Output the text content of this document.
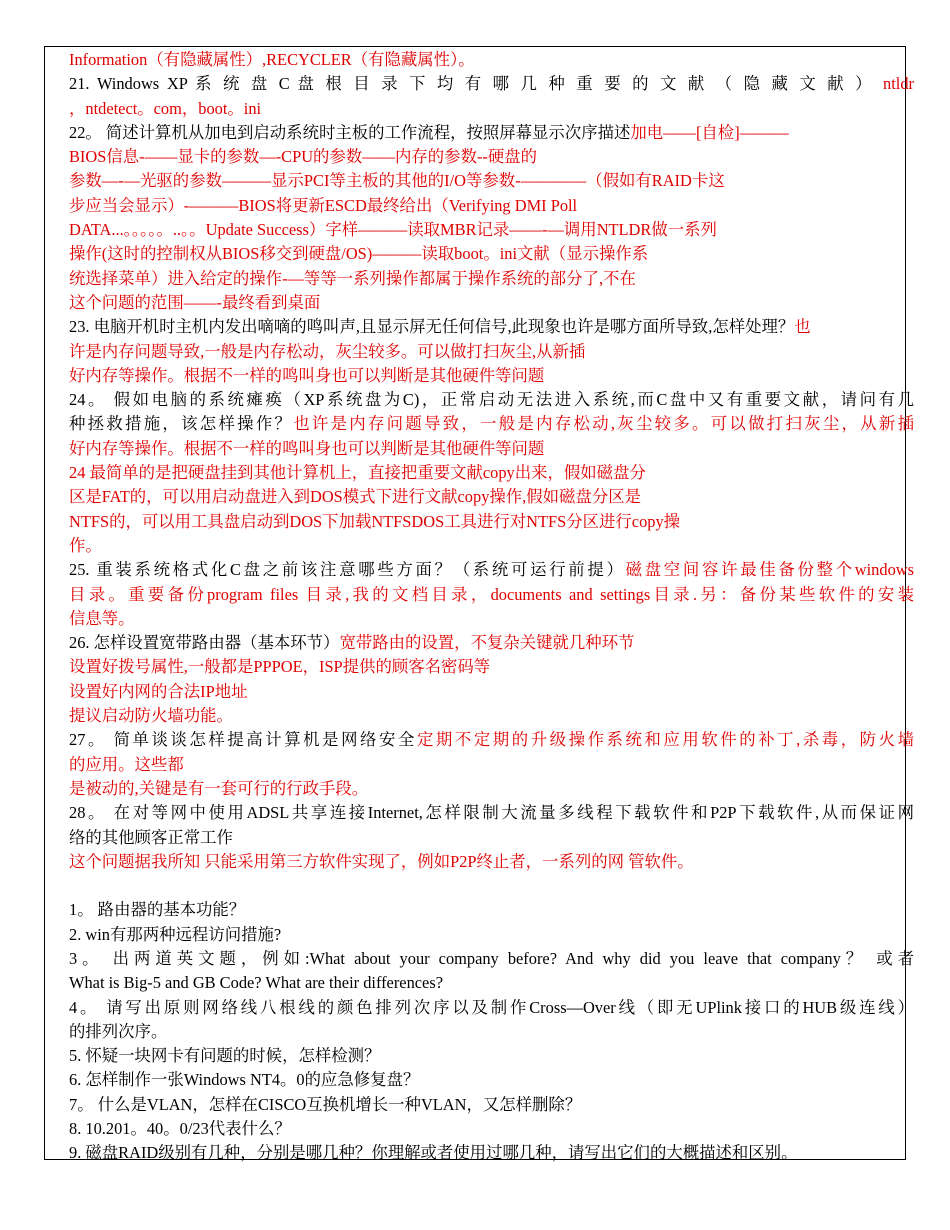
Information（有隐藏属性）,RECYCLER（有隐藏属性）。

21. Windows XP 系 统 盘 C 盘 根 目 录 下 均 有 哪 几 种 重 要 的 文 献 （ 隐 藏 文 献 ） ntldr

，ntdetect。com，boot。ini

22。 简述计算机从加电到启动系统时主板的工作流程，按照屏幕显示次序描述加电——[自检]———

BIOS信息-——显卡的参数—-CPU的参数——内存的参数--硬盘的

参数—-—光驱的参数———显示PCI等主板的其他的I/O等参数-————（假如有RAID卡这

步应当会显示）-———BIOS将更新ESCD最终给出（Verifying DMI Poll

DATA...。。。。。..。。Update Success）字样———读取MBR记录——-—调用NTLDR做一系列

操作(这时的控制权从BIOS移交到硬盘/OS)———读取boot。ini文献（显示操作系

统选择菜单）进入给定的操作-—等等一系列操作都属于操作系统的部分了,不在

这个问题的范围——-最终看到桌面

23. 电脑开机时主机内发出嘀嘀的鸣叫声,且显示屏无任何信号,此现象也许是哪方面所导致,怎样处理？也

许是内存问题导致,一般是内存松动，灰尘较多。可以做打扫灰尘,从新插

好内存等操作。根据不一样的鸣叫身也可以判断是其他硬件等问题

24。 假如电脑的系统瘫痪（XP系统盘为C)，正常启动无法进入系统,而C盘中又有重要文献，请问有几

种拯救措施，该怎样操作？也许是内存问题导致，一般是内存松动,灰尘较多。可以做打扫灰尘，从新插

好内存等操作。根据不一样的鸣叫身也可以判断是其他硬件等问题

24 最简单的是把硬盘挂到其他计算机上，直接把重要文献copy出来，假如磁盘分

区是FAT的，可以用启动盘进入到DOS模式下进行文献copy操作,假如磁盘分区是

NTFS的，可以用工具盘启动到DOS下加载NTFSDOS工具进行对NTFS分区进行copy操

作。

25. 重装系统格式化C盘之前该注意哪些方面？（系统可运行前提）磁盘空间容许最佳备份整个windows

目录。重要备份program files 目录,我的文档目录，documents and settings目录.另：备份某些软件的安装

信息等。

26. 怎样设置宽带路由器（基本环节）宽带路由的设置，不复杂关键就几种环节

设置好拨号属性,一般都是PPPOE，ISP提供的顾客名密码等

设置好内网的合法IP地址

提议启动防火墙功能。

27。 简单谈谈怎样提高计算机是网络安全定期不定期的升级操作系统和应用软件的补丁,杀毒，防火墙

的应用。这些都

是被动的,关键是有一套可行的行政手段。

28。 在对等网中使用ADSL共享连接Internet,怎样限制大流量多线程下载软件和P2P下载软件,从而保证网

络的其他顾客正常工作

这个问题据我所知 只能采用第三方软件实现了，例如P2P终止者，一系列的网 管软件。

1。 路由器的基本功能？

2. win有那两种远程访问措施?

3。 出两道英文题，例如:What about your company before? And why did you leave that company？ 或者

What is Big-5 and GB Code? What are their differences?

4。 请写出原则网络线八根线的颜色排列次序以及制作Cross—Over线（即无UPlink接口的HUB级连线）

的排列次序。

5. 怀疑一块网卡有问题的时候，怎样检测？

6. 怎样制作一张Windows NT4。0的应急修复盘？

7。 什么是VLAN，怎样在CISCO互换机增长一种VLAN，又怎样删除？

8. 10.201。40。0/23代表什么？

9. 磁盘RAID级别有几种，分别是哪几种？你理解或者使用过哪几种，请写出它们的大概描述和区别。
